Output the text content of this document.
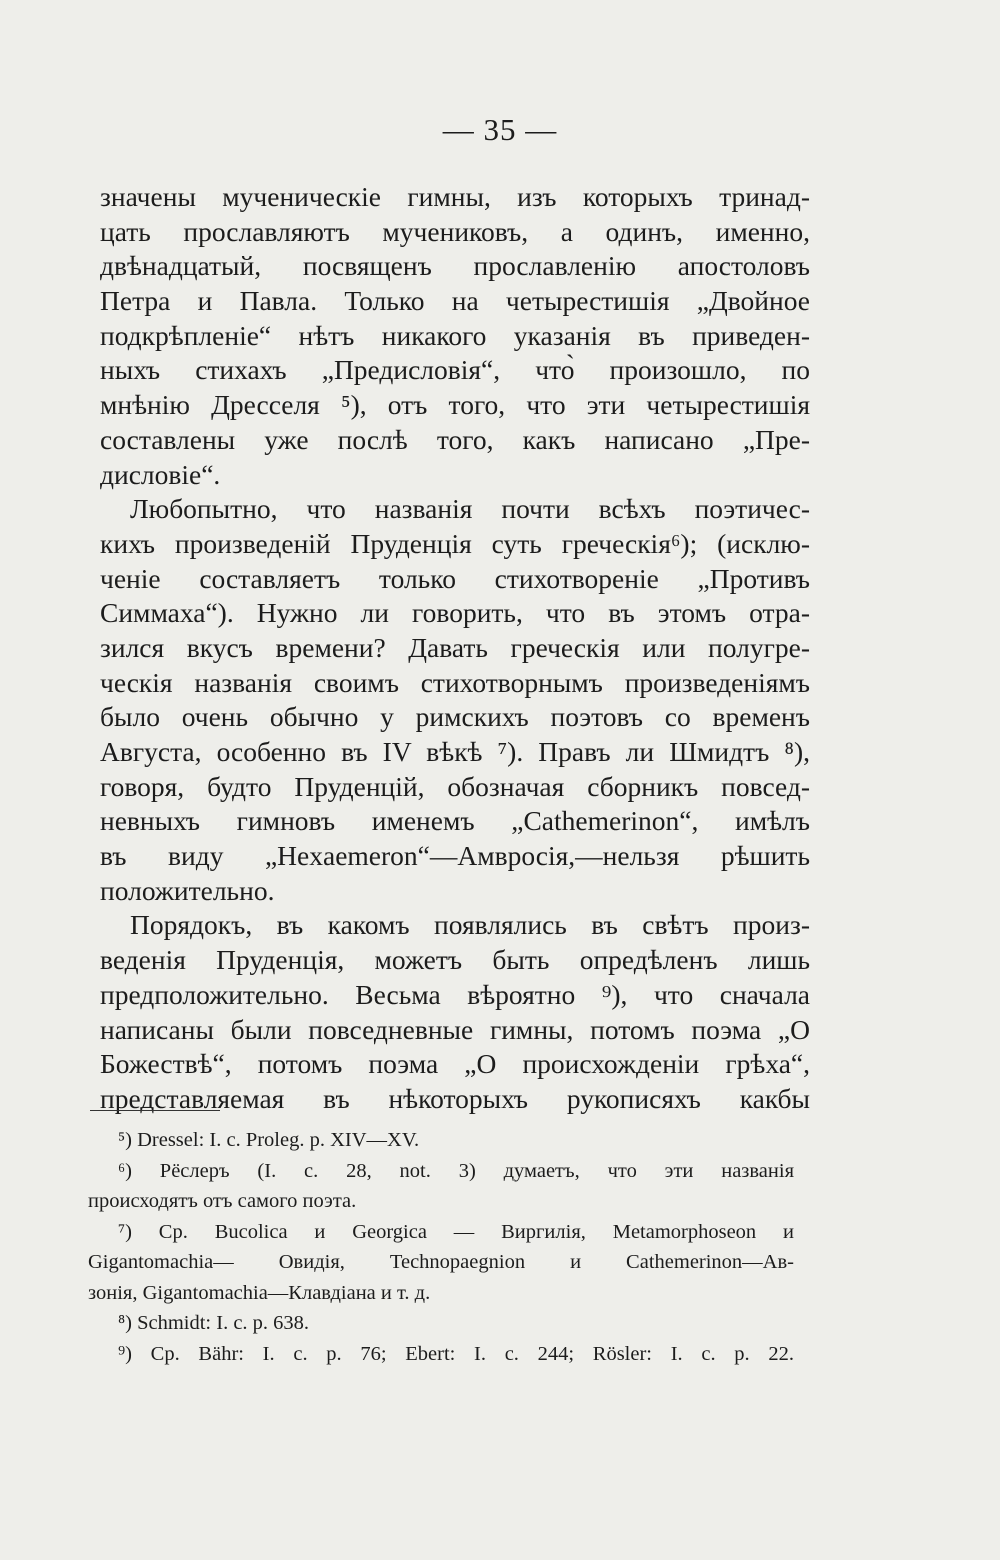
— 35 —
значены мученическіе гимны, изъ которыхъ тринад-
цать прославляютъ мучениковъ, а одинъ, именно,
двѣнадцатый, посвященъ прославленію апостоловъ
Петра и Павла. Только на четырестишія „Двойное
подкрѣпленіе“ нѣтъ никакого указанія въ приведен-
ныхъ стихахъ „Предисловія“, что̀ произошло, по
мнѣнію Дресселя ⁵), отъ того, что эти четырестишія
составлены уже послѣ того, какъ написано „Пре-
дисловіе“.
Любопытно, что названія почти всѣхъ поэтичес-
кихъ произведеній Пруденція суть греческія⁶); (исклю-
ченіе составляетъ только стихотвореніе „Противъ
Симмаха“). Нужно ли говорить, что въ этомъ отра-
зился вкусъ времени? Давать греческія или полугре-
ческія названія своимъ стихотворнымъ произведеніямъ
было очень обычно у римскихъ поэтовъ со временъ
Августа, особенно въ IV вѣкѣ ⁷). Правъ ли Шмидтъ ⁸),
говоря, будто Пруденцій, обозначая сборникъ повсед-
невныхъ гимновъ именемъ „Cathemerinon“, имѣлъ
въ виду „Hexaemeron“—Амвросія,—нельзя рѣшить
положительно.
Порядокъ, въ какомъ появлялись въ свѣтъ произ-
веденія Пруденція, можетъ быть опредѣленъ лишь
предположительно. Весьма вѣроятно ⁹), что сначала
написаны были повседневные гимны, потомъ поэма „О
Божествѣ“, потомъ поэма „О происхожденіи грѣха“,
представляемая въ нѣкоторыхъ рукописяхъ какбы
⁵) Dressel: I. c. Proleg. p. XIV—XV.
⁶) Рёслеръ (I. c. 28, not. 3) думаетъ, что эти названія
происходятъ отъ самого поэта.
⁷) Ср. Bucolica и Georgica — Виргилія, Metamorphoseon и
Gigantomachia— Овидія, Technopaegnion и Cathemerinon—Ав-
зонія, Gigantomachia—Клавдіана и т. д.
⁸) Schmidt: I. c. p. 638.
⁹) Ср. Bähr: I. c. p. 76; Ebert: I. c. 244; Rösler: I. c. p. 22.
